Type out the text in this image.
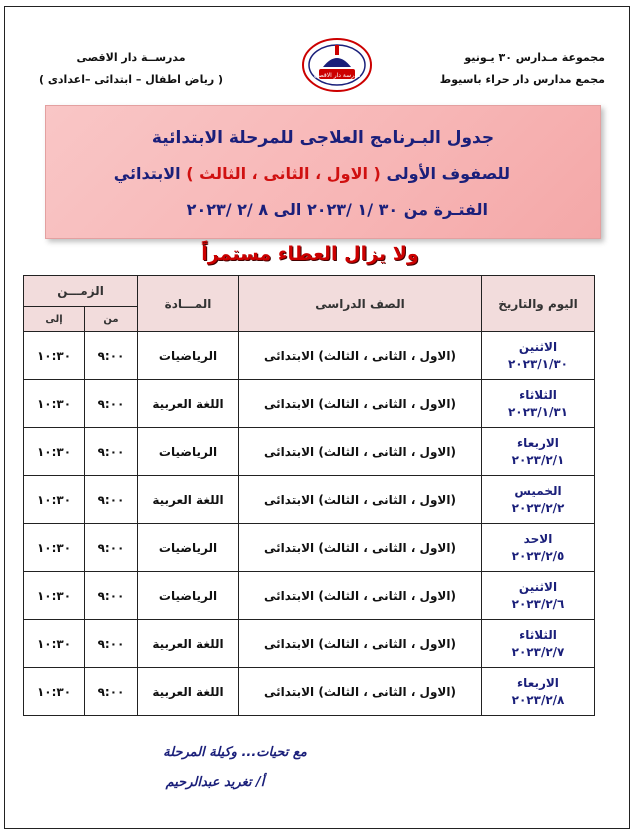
مدرســة دار الاقصى
( رياض اطفال – ابتدائى –اعدادى )	مدرسة دار الاقصى
مجموعة مـدارس ٣٠ يـونيو
مجمع مدارس دار حراء باسيوط
جدول البـرنامج العلاجى للمرحلة الابتدائية
للصفوف الأولى ( الاول ، الثانى ، الثالث ) الابتدائي
الفتـرة من ٣٠ /١ /٢٠٢٣ الى ٨ /٢ /٢٠٢٣
ولا يزال العطاء مستمراً
اليوم والتاريخ	الصف الدراسى	المـــادة	الزمـــن	
			من	إلى

الاثنين
٢٠٢٣/١/٣٠	(الاول ، الثانى ، الثالث) الابتدائى	الرياضيات	٩:٠٠	١٠:٣٠

الثلاثاء
٢٠٢٣/١/٣١	(الاول ، الثانى ، الثالث) الابتدائى	اللغة العربية	٩:٠٠	١٠:٣٠

الاربعاء
٢٠٢٣/٢/١	(الاول ، الثانى ، الثالث) الابتدائى	الرياضيات	٩:٠٠	١٠:٣٠

الخميس
٢٠٢٣/٢/٢	(الاول ، الثانى ، الثالث) الابتدائى	اللغة العربية	٩:٠٠	١٠:٣٠

الاحد
٢٠٢٣/٢/٥	(الاول ، الثانى ، الثالث) الابتدائى	الرياضيات	٩:٠٠	١٠:٣٠

الاثنين
٢٠٢٣/٢/٦	(الاول ، الثانى ، الثالث) الابتدائى	الرياضيات	٩:٠٠	١٠:٣٠

الثلاثاء
٢٠٢٣/٢/٧	(الاول ، الثانى ، الثالث) الابتدائى	اللغة العربية	٩:٠٠	١٠:٣٠

الاربعاء
٢٠٢٣/٢/٨	(الاول ، الثانى ، الثالث) الابتدائى	اللغة العربية	٩:٠٠	١٠:٣٠
مع تحيات... وكيلة المرحلة
أ/ تغريد عبدالرحيم
